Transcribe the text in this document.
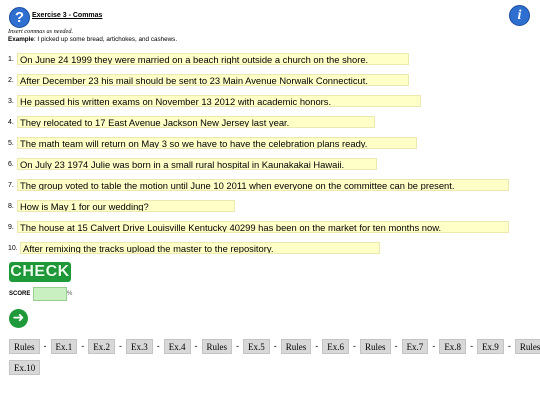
?	Exercise 3 - Commas	i
Insert commas as needed.
Example: I picked up some bread, artichokes, and cashews.
1. On June 24 1999 they were married on a beach right outside a church on the shore.
2. After December 23 his mail should be sent to 23 Main Avenue Norwalk Connecticut.
3. He passed his written exams on November 13 2012 with academic honors.
4. They relocated to 17 East Avenue Jackson New Jersey last year.
5. The math team will return on May 3 so we have to have the celebration plans ready.
6. On July 23 1974 Julie was born in a small rural hospital in Kaunakakai Hawaii.
7. The group voted to table the motion until June 10 2011 when everyone on the committee can be present.
8. How is May 1 for our wedding?
9. The house at 15 Calvert Drive Louisville Kentucky 40299 has been on the market for ten months now.
10. After remixing the tracks upload the master to the repository.
CHECK
SCORE	%
➜
Rules	-	Ex.1	-	Ex.2	-	Ex.3	-	Ex.4	-	Rules	-	Ex.5	-	Rules	-	Ex.6	-	Rules	-	Ex.7	-	Ex.8	-	Ex.9	-	Rules
Ex.10
